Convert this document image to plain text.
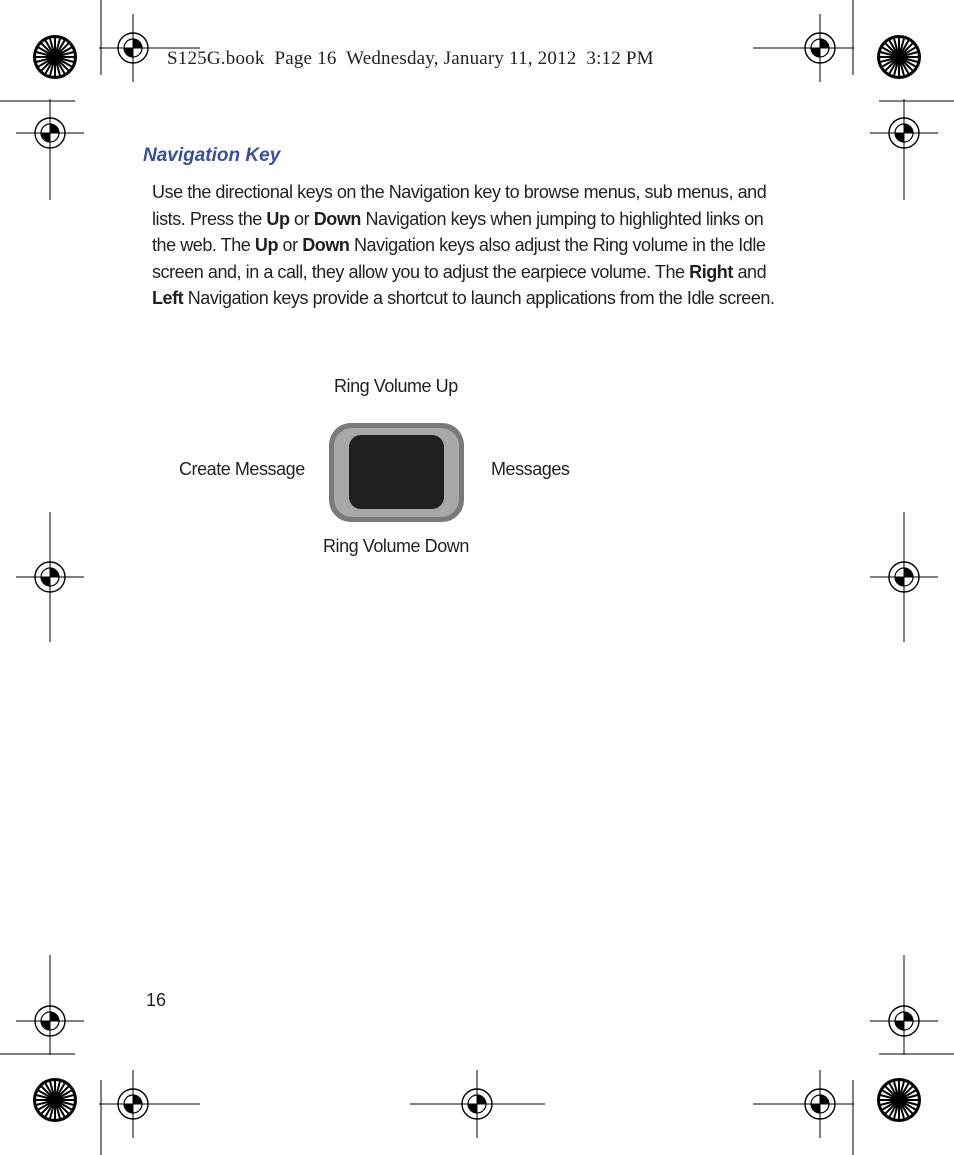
S125G.book  Page 16  Wednesday, January 11, 2012  3:12 PM
Navigation Key

Use the directional keys on the Navigation key to browse menus, sub menus, and
lists. Press the Up or Down Navigation keys when jumping to highlighted links on
the web. The Up or Down Navigation keys also adjust the Ring volume in the Idle
screen and, in a call, they allow you to adjust the earpiece volume. The Right and
Left Navigation keys provide a shortcut to launch applications from the Idle screen.

Ring Volume Up
Create Message	Messages
Ring Volume Down
16
